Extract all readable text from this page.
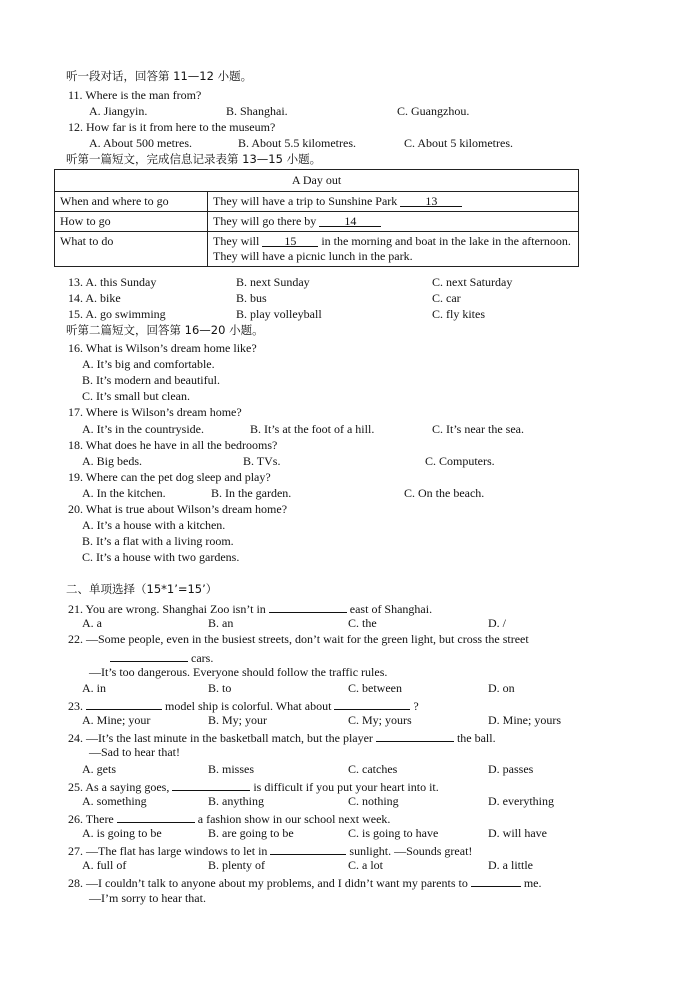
听一段对话，回答第 11—12 小题。
11. Where is the man from?
A. Jiangyin.	B. Shanghai.	C. Guangzhou.
12. How far is it from here to the museum?
A. About 500 metres.	B. About 5.5 kilometres.	C. About 5 kilometres.
听第一篇短文，完成信息记录表第 13—15 小题。
A Day out	
When and where to go	They will have a trip to Sunshine Park 13
How to go	They will go there by 14
What to do	They will 15 in the morning and boat in the lake in the afternoon. They will have a picnic lunch in the park.
13. A. this Sunday	B. next Sunday	C. next Saturday
14. A. bike	B. bus	C. car
15. A. go swimming	B. play volleyball	C. fly kites
听第二篇短文，回答第 16—20 小题。
16. What is Wilson’s dream home like?
A. It’s big and comfortable.
B. It’s modern and beautiful.
C. It’s small but clean.
17. Where is Wilson’s dream home?
A. It’s in the countryside.	B. It’s at the foot of a hill.	C. It’s near the sea.
18. What does he have in all the bedrooms?
A. Big beds.	B. TVs.	C. Computers.
19. Where can the pet dog sleep and play?
A. In the kitchen.	B. In the garden.	C. On the beach.
20. What is true about Wilson’s dream home?
A. It’s a house with a kitchen.
B. It’s a flat with a living room.
C. It’s a house with two gardens.
二、单项选择（15*1’=15’）
21. You are wrong. Shanghai Zoo isn’t in	east of Shanghai.
A. a	B. an	C. the	D. /
22. —Some people, even in the busiest streets, don’t wait for the green light, but cross the street
cars.
—It’s too dangerous. Everyone should follow the traffic rules.
A. in	B. to	C. between	D. on
23.	model ship is colorful. What about	?
A. Mine; your	B. My; your	C. My; yours	D. Mine; yours
24. —It’s the last minute in the basketball match, but the player	the ball.
—Sad to hear that!
A. gets	B. misses	C. catches	D. passes
25. As a saying goes,	is difficult if you put your heart into it.
A. something	B. anything	C. nothing	D. everything
26. There	a fashion show in our school next week.
A. is going to be	B. are going to be	C. is going to have	D. will have
27. —The flat has large windows to let in	sunlight. —Sounds great!
A. full of	B. plenty of	C. a lot	D. a little
28. —I couldn’t talk to anyone about my problems, and I didn’t want my parents to	me.
—I’m sorry to hear that.
